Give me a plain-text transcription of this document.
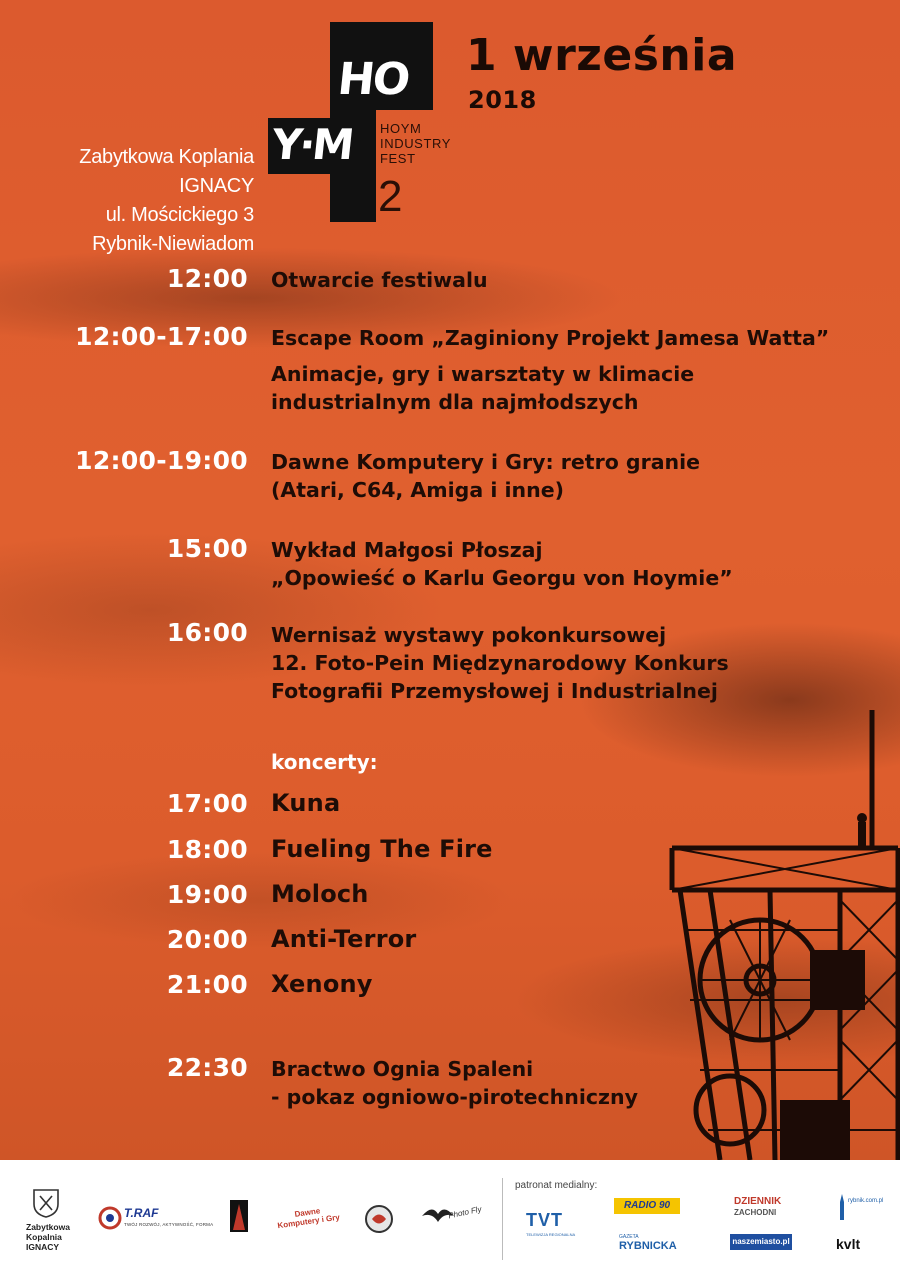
Zabytkowa Koplania IGNACY
ul. Mościckiego 3
Rybnik-Niewiadom
HO
Y·M HOYM
INDUSTRY
FEST
2
1 września
2018
12:00 Otwarcie festiwalu
12:00-17:00 Escape Room „Zaginiony Projekt Jamesa Watta”
Animacje, gry i warsztaty w klimacie
industrialnym dla najmłodszych
12:00-19:00 Dawne Komputery i Gry: retro granie
(Atari, C64, Amiga i inne)
15:00 Wykład Małgosi Płoszaj
„Opowieść o Karlu Georgu von Hoymie”
16:00 Wernisaż wystawy pokonkursowej
12. Foto-Pein Międzynarodowy Konkurs
Fotografii Przemysłowej i Industrialnej
koncerty:
17:00 Kuna
18:00 Fueling The Fire
19:00 Moloch
20:00 Anti-Terror
21:00 Xenony
22:30 Bractwo Ognia Spaleni
- pokaz ogniowo-pirotechniczny
Zabytkowa Kopalnia IGNACY
T.RAF
TWÓJ ROZWÓJ, AKTYWNOŚĆ, FORMA
Dawne Komputery i Gry
Photo Fly
patronat medialny:
TVT
TELEWIZJA REGIONALNA
RADIO 90
GAZETA
RYBNICKA
DZIENNIK
ZACHODNI
naszemiasto.pl
rybnik.com.pl
kvlt
